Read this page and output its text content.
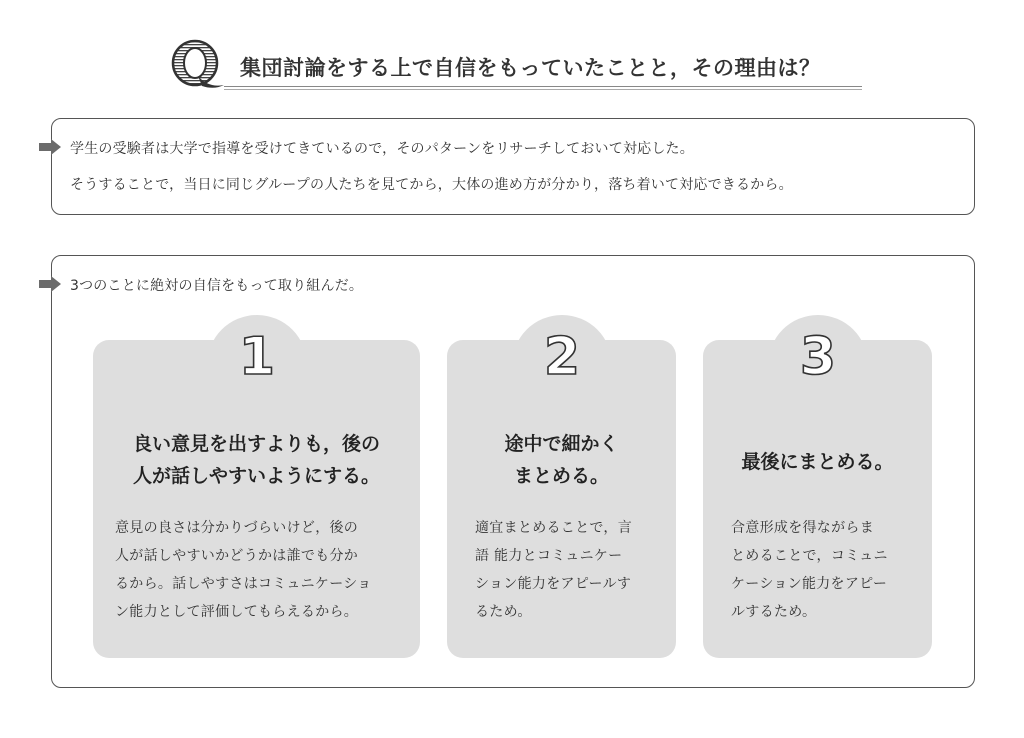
集団討論をする上で自信をもっていたことと，その理由は？
学生の受験者は大学で指導を受けてきているので，そのパターンをリサーチしておいて対応した。
そうすることで，当日に同じグループの人たちを見てから，大体の進め方が分かり，落ち着いて対応できるから。
3つのことに絶対の自信をもって取り組んだ。
1
良い意見を出すよりも，後の
人が話しやすいようにする。
意見の良さは分かりづらいけど，後の
人が話しやすいかどうかは誰でも分か
るから。話しやすさはコミュニケーショ
ン能力として評価してもらえるから。
2
途中で細かく
まとめる。
適宜まとめることで，言
語 能力とコミュニケー
ション能力をアピールす
るため。
3
最後にまとめる。
合意形成を得ながらま
とめることで，コミュニ
ケーション能力をアピー
ルするため。
